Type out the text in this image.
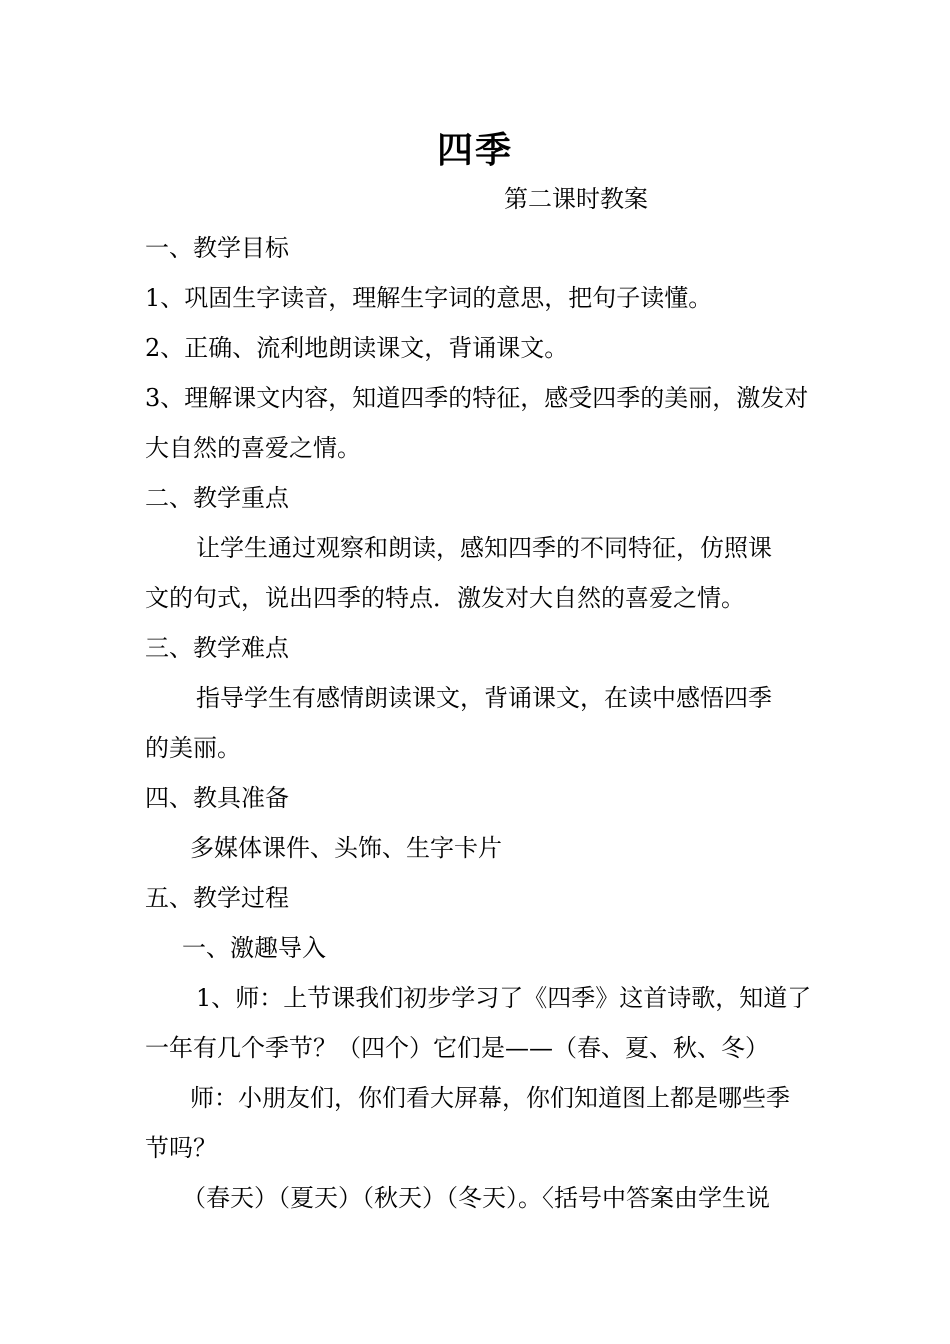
四季
第二课时教案
一、教学目标
1、巩固生字读音，理解生字词的意思，把句子读懂。
2、正确、流利地朗读课文，背诵课文。
3、理解课文内容，知道四季的特征，感受四季的美丽，激发对
大自然的喜爱之情。
二、教学重点
让学生通过观察和朗读，感知四季的不同特征，仿照课
文的句式，说出四季的特点．激发对大自然的喜爱之情。
三、教学难点
指导学生有感情朗读课文，背诵课文，在读中感悟四季
的美丽。
四、教具准备
多媒体课件、头饰、生字卡片
五、教学过程
一、激趣导入
1、师：上节课我们初步学习了《四季》这首诗歌，知道了
一年有几个季节？（四个）它们是——（春、夏、秋、冬）
师：小朋友们，你们看大屏幕，你们知道图上都是哪些季
节吗？
（春天）（夏天）（秋天）（冬天）。〈括号中答案由学生说
